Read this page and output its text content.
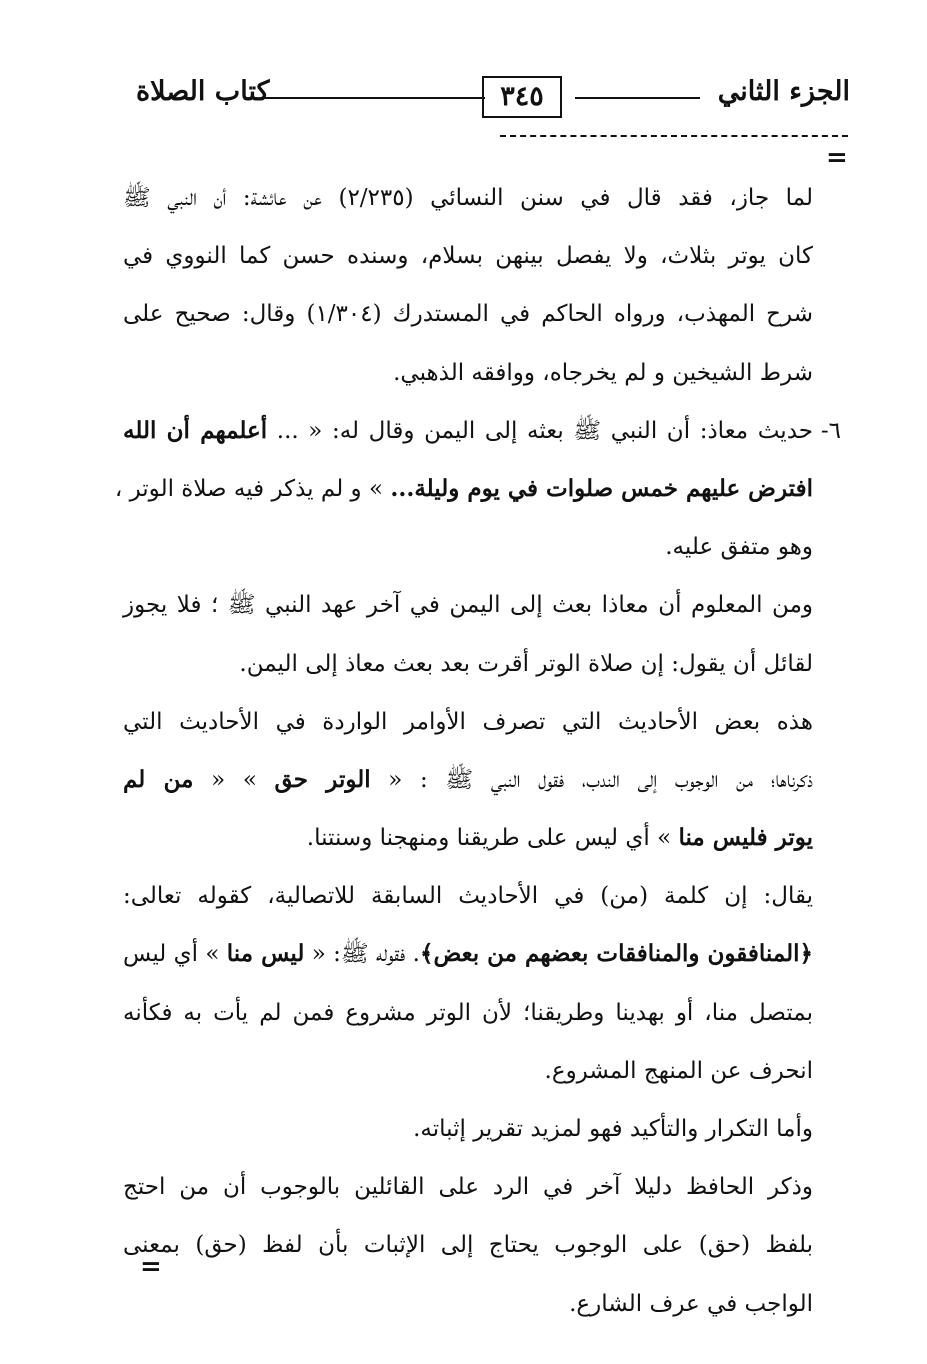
الجزء الثاني
٣٤٥
كتاب الصلاة
=
لما جاز، فقد قال في سنن النسائي (٢/٢٣٥) عن عائشة: أن النبي ﷺ
كان يوتر بثلاث، ولا يفصل بينهن بسلام، وسنده حسن كما النووي في
شرح المهذب، ورواه الحاكم في المستدرك (١/٣٠٤) وقال: صحيح على
شرط الشيخين و لم يخرجاه، ووافقه الذهبي.
٦-
حديث معاذ: أن النبي ﷺ بعثه إلى اليمن وقال له: « ... أعلمهم أن الله
افترض عليهم خمس صلوات في يوم وليلة... » و لم يذكر فيه صلاة الوتر ،
وهو متفق عليه.
ومن المعلوم أن معاذا بعث إلى اليمن في آخر عهد النبي ﷺ ؛ فلا يجوز
لقائل أن يقول: إن صلاة الوتر أقرت بعد بعث معاذ إلى اليمن.
هذه بعض الأحاديث التي تصرف الأوامر الواردة في الأحاديث التي
ذكرناها؛ من الوجوب إلى الندب، فقول النبي ﷺ : « الوتر حق » « من لم
يوتر فليس منا » أي ليس على طريقنا ومنهجنا وسنتنا.
يقال: إن كلمة (من) في الأحاديث السابقة للاتصالية، كقوله تعالى:
﴿المنافقون والمنافقات بعضهم من بعض﴾. فقوله ﷺ: « ليس منا » أي ليس
بمتصل منا، أو بهدينا وطريقنا؛ لأن الوتر مشروع فمن لم يأت به فكأنه
انحرف عن المنهج المشروع.
وأما التكرار والتأكيد فهو لمزيد تقرير إثباته.
وذكر الحافظ دليلا آخر في الرد على القائلين بالوجوب أن من احتج
بلفظ (حق) على الوجوب يحتاج إلى الإثبات بأن لفظ (حق) بمعنى
الواجب في عرف الشارع.
=
